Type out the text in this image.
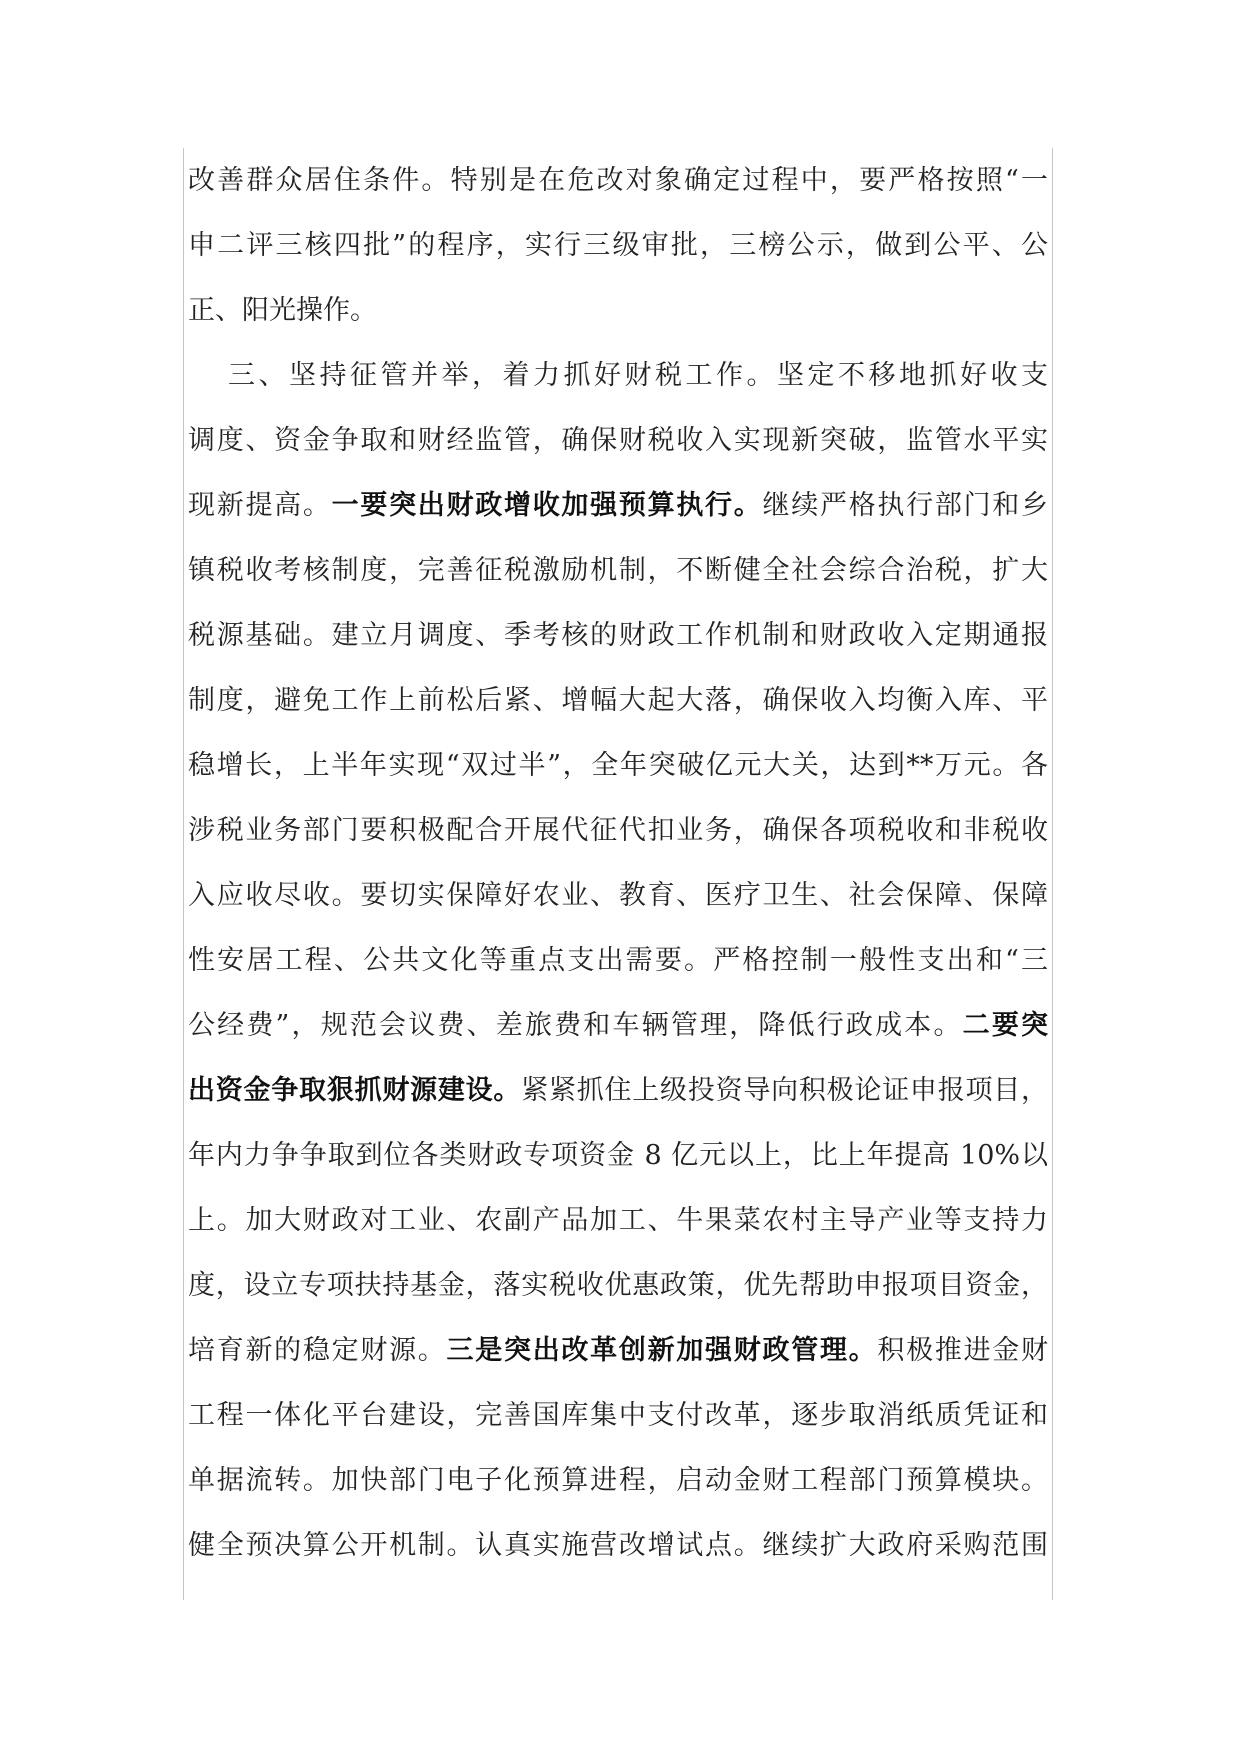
改善群众居住条件。特别是在危改对象确定过程中，要严格按照“一
申二评三核四批”的程序，实行三级审批，三榜公示，做到公平、公
正、阳光操作。
三、坚持征管并举，着力抓好财税工作。坚定不移地抓好收支
调度、资金争取和财经监管，确保财税收入实现新突破，监管水平实
现新提高。一要突出财政增收加强预算执行。继续严格执行部门和乡
镇税收考核制度，完善征税激励机制，不断健全社会综合治税，扩大
税源基础。建立月调度、季考核的财政工作机制和财政收入定期通报
制度，避免工作上前松后紧、增幅大起大落，确保收入均衡入库、平
稳增长，上半年实现“双过半”，全年突破亿元大关，达到**万元。各
涉税业务部门要积极配合开展代征代扣业务，确保各项税收和非税收
入应收尽收。要切实保障好农业、教育、医疗卫生、社会保障、保障
性安居工程、公共文化等重点支出需要。严格控制一般性支出和“三
公经费”，规范会议费、差旅费和车辆管理，降低行政成本。二要突
出资金争取狠抓财源建设。紧紧抓住上级投资导向积极论证申报项目，
年内力争争取到位各类财政专项资金 8 亿元以上，比上年提高 10%以
上。加大财政对工业、农副产品加工、牛果菜农村主导产业等支持力
度，设立专项扶持基金，落实税收优惠政策，优先帮助申报项目资金，
培育新的稳定财源。三是突出改革创新加强财政管理。积极推进金财
工程一体化平台建设，完善国库集中支付改革，逐步取消纸质凭证和
单据流转。加快部门电子化预算进程，启动金财工程部门预算模块。
健全预决算公开机制。认真实施营改增试点。继续扩大政府采购范围
